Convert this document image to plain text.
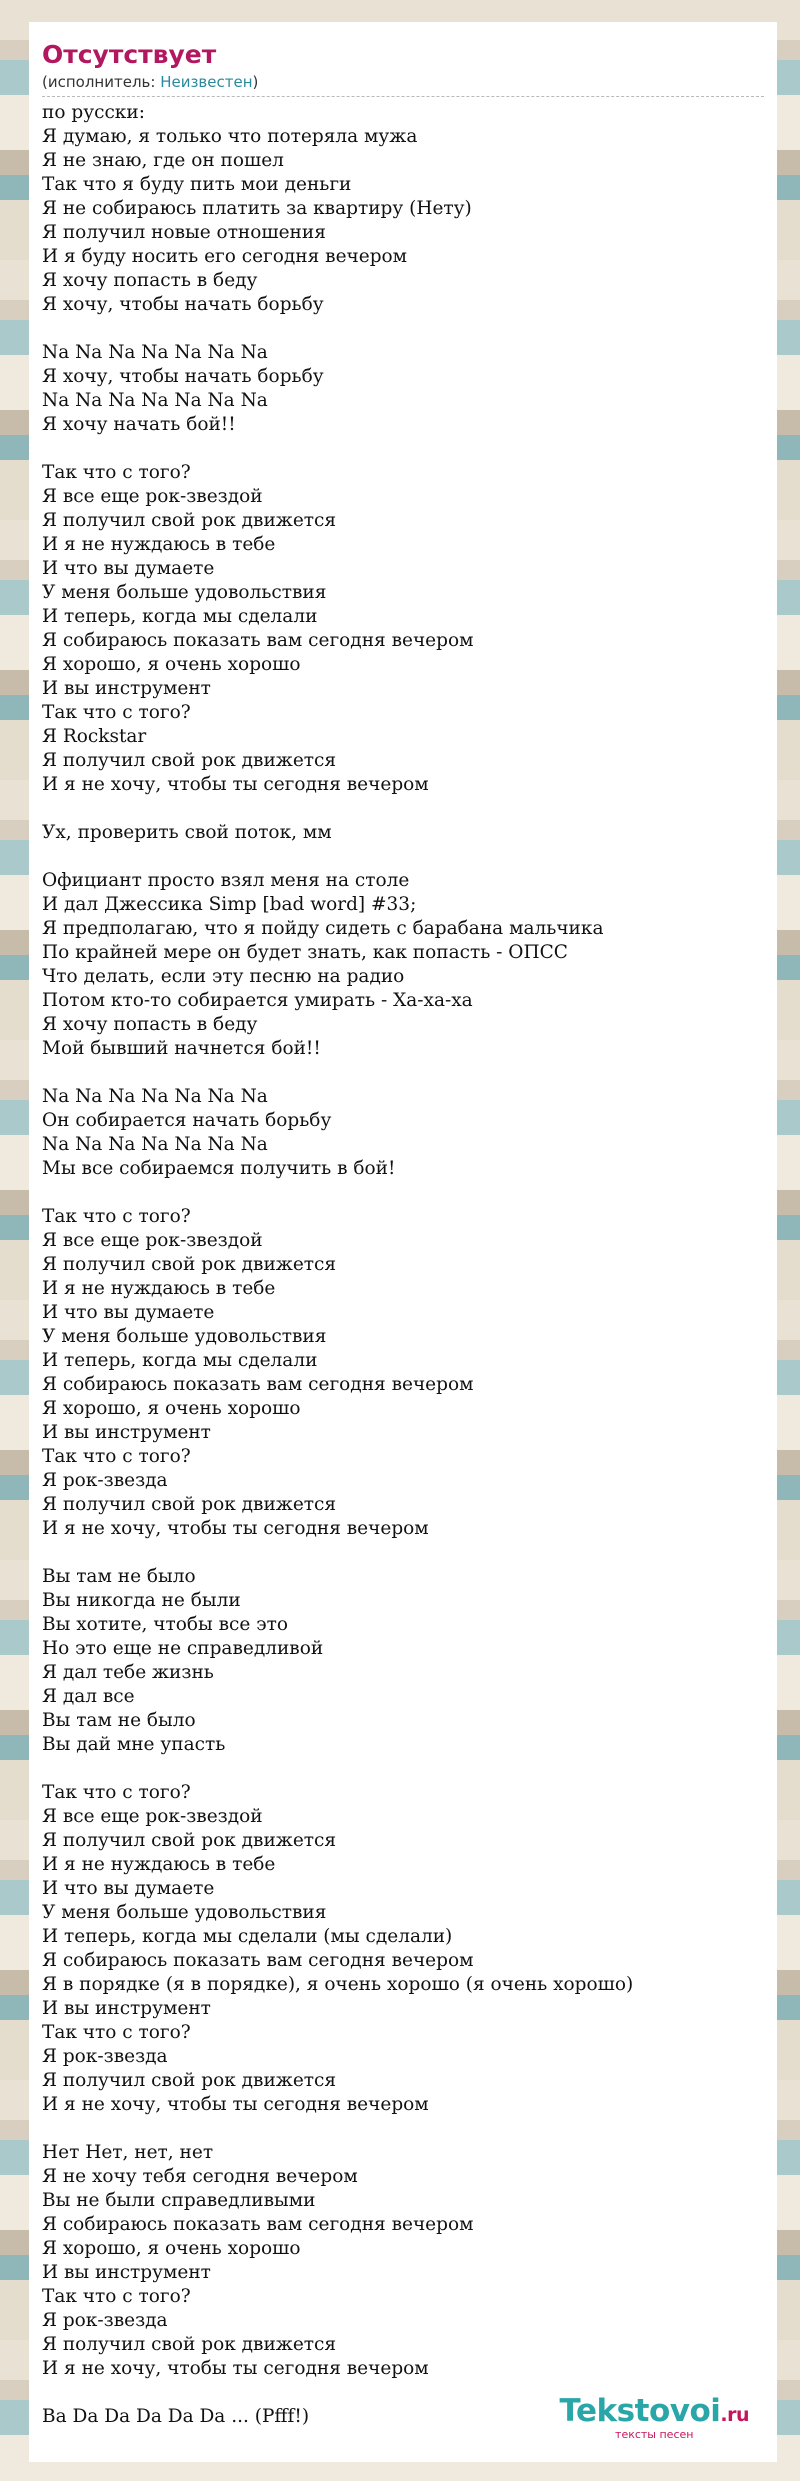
Отсутствует
(исполнитель: Неизвестен)
по русски:
Я думаю, я только что потеряла мужа
Я не знаю, где он пошел
Так что я буду пить мои деньги
Я не собираюсь платить за квартиру (Нету)
Я получил новые отношения
И я буду носить его сегодня вечером
Я хочу попасть в беду
Я хочу, чтобы начать борьбу
Na Na Na Na Na Na Na
Я хочу, чтобы начать борьбу
Na Na Na Na Na Na Na
Я хочу начать бой!!
Так что с того?
Я все еще рок-звездой
Я получил свой рок движется
И я не нуждаюсь в тебе
И что вы думаете
У меня больше удовольствия
И теперь, когда мы сделали
Я собираюсь показать вам сегодня вечером
Я хорошо, я очень хорошо
И вы инструмент
Так что с того?
Я Rockstar
Я получил свой рок движется
И я не хочу, чтобы ты сегодня вечером
Ух, проверить свой поток, мм
Официант просто взял меня на столе
И дал Джессика Simp [bad word] #33;
Я предполагаю, что я пойду сидеть с барабана мальчика
По крайней мере он будет знать, как попасть - ОПСС
Что делать, если эту песню на радио
Потом кто-то собирается умирать - Ха-ха-ха
Я хочу попасть в беду
Мой бывший начнется бой!!
Na Na Na Na Na Na Na
Он собирается начать борьбу
Na Na Na Na Na Na Na
Мы все собираемся получить в бой!
Так что с того?
Я все еще рок-звездой
Я получил свой рок движется
И я не нуждаюсь в тебе
И что вы думаете
У меня больше удовольствия
И теперь, когда мы сделали
Я собираюсь показать вам сегодня вечером
Я хорошо, я очень хорошо
И вы инструмент
Так что с того?
Я рок-звезда
Я получил свой рок движется
И я не хочу, чтобы ты сегодня вечером
Вы там не было
Вы никогда не были
Вы хотите, чтобы все это
Но это еще не справедливой
Я дал тебе жизнь
Я дал все
Вы там не было
Вы дай мне упасть
Так что с того?
Я все еще рок-звездой
Я получил свой рок движется
И я не нуждаюсь в тебе
И что вы думаете
У меня больше удовольствия
И теперь, когда мы сделали (мы сделали)
Я собираюсь показать вам сегодня вечером
Я в порядке (я в порядке), я очень хорошо (я очень хорошо)
И вы инструмент
Так что с того?
Я рок-звезда
Я получил свой рок движется
И я не хочу, чтобы ты сегодня вечером
Нет Нет, нет, нет
Я не хочу тебя сегодня вечером
Вы не были справедливыми
Я собираюсь показать вам сегодня вечером
Я хорошо, я очень хорошо
И вы инструмент
Так что с того?
Я рок-звезда
Я получил свой рок движется
И я не хочу, чтобы ты сегодня вечером
Ba Da Da Da Da Da ... (Pfff!)	Tekstovoi.ru
тексты песен
